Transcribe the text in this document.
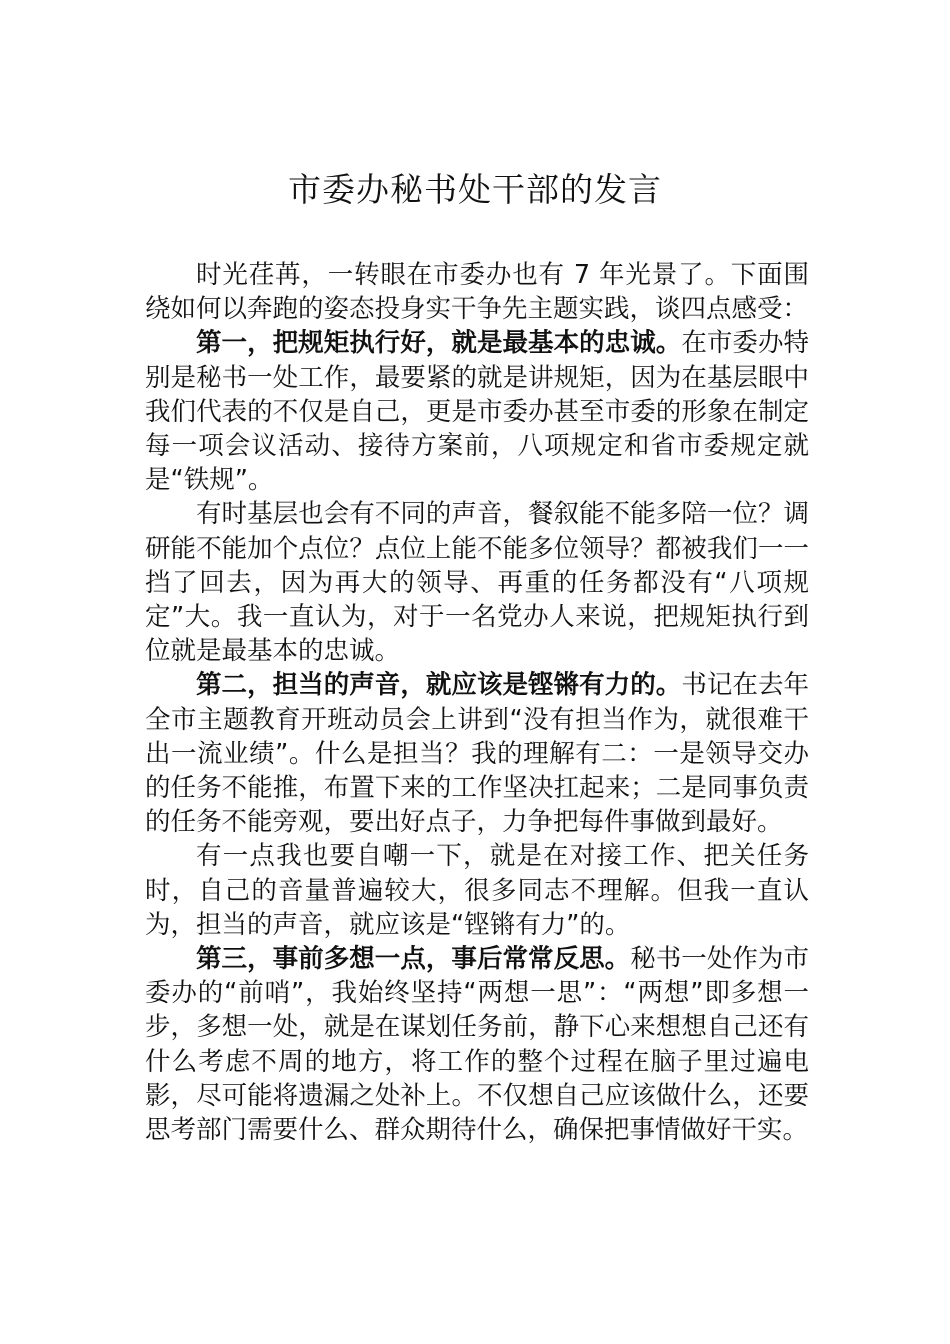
市委办秘书处干部的发言

时光荏苒，一转眼在市委办也有 7 年光景了。下面围绕如何以奔跑的姿态投身实干争先主题实践，谈四点感受：

第一，把规矩执行好，就是最基本的忠诚。在市委办特别是秘书一处工作，最要紧的就是讲规矩，因为在基层眼中我们代表的不仅是自己，更是市委办甚至市委的形象在制定每一项会议活动、接待方案前，八项规定和省市委规定就是“铁规”。

有时基层也会有不同的声音，餐叙能不能多陪一位？调研能不能加个点位？点位上能不能多位领导？都被我们一一挡了回去，因为再大的领导、再重的任务都没有“八项规定”大。我一直认为，对于一名党办人来说，把规矩执行到位就是最基本的忠诚。

第二，担当的声音，就应该是铿锵有力的。书记在去年全市主题教育开班动员会上讲到“没有担当作为，就很难干出一流业绩”。什么是担当？我的理解有二：一是领导交办的任务不能推，布置下来的工作坚决扛起来；二是同事负责的任务不能旁观，要出好点子，力争把每件事做到最好。

有一点我也要自嘲一下，就是在对接工作、把关任务时，自己的音量普遍较大，很多同志不理解。但我一直认为，担当的声音，就应该是“铿锵有力”的。

第三，事前多想一点，事后常常反思。秘书一处作为市委办的“前哨”，我始终坚持“两想一思”：“两想”即多想一步，多想一处，就是在谋划任务前，静下心来想想自己还有什么考虑不周的地方，将工作的整个过程在脑子里过遍电影，尽可能将遗漏之处补上。不仅想自己应该做什么，还要思考部门需要什么、群众期待什么，确保把事情做好干实。
